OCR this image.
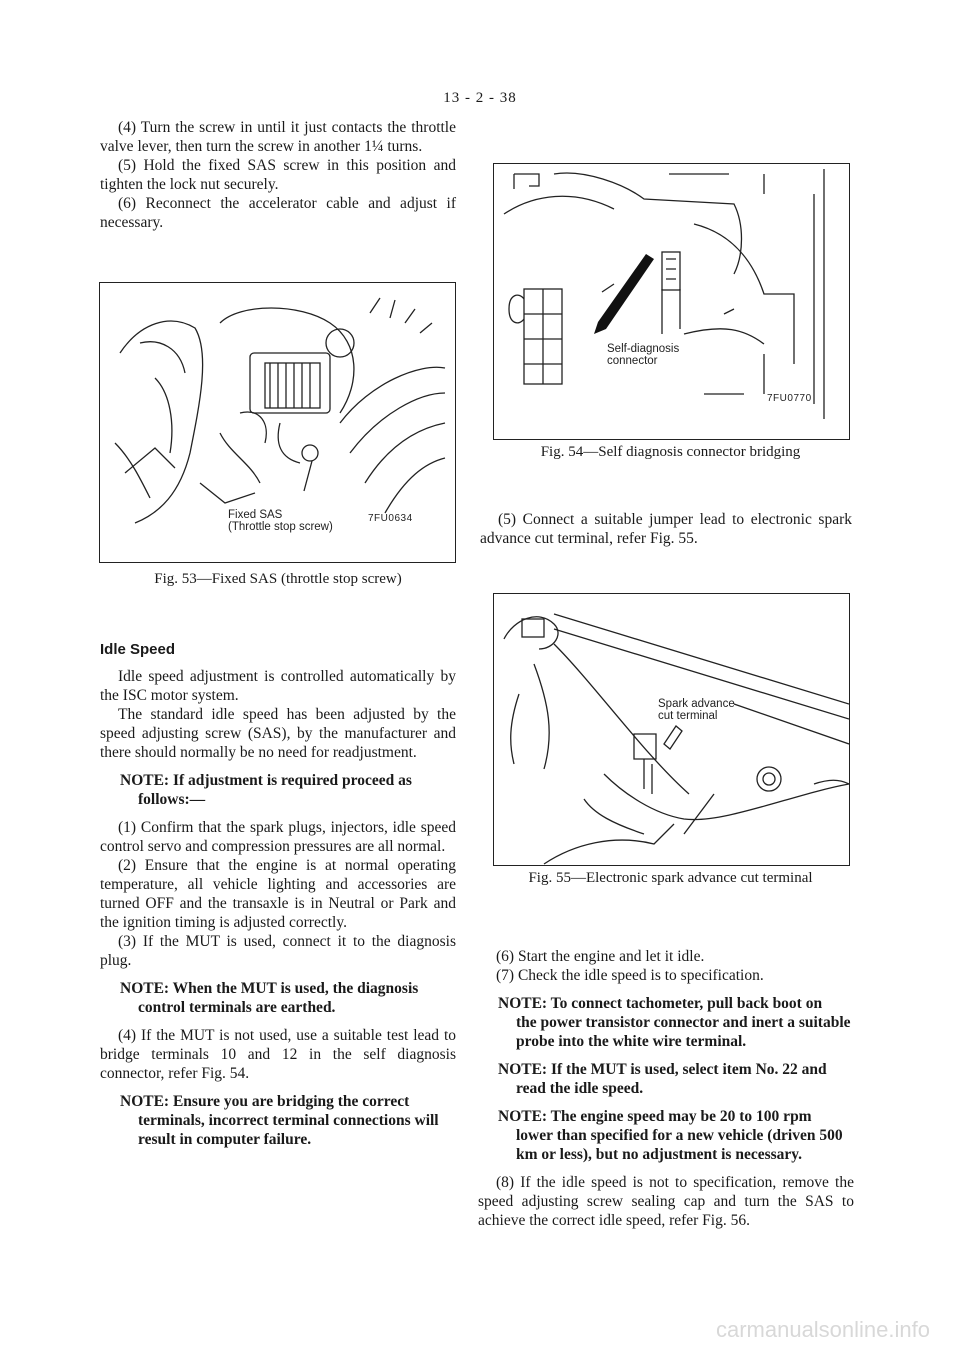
13 - 2 - 38

(4) Turn the screw in until it just contacts the throttle valve lever, then turn the screw in another 1¼ turns.

(5) Hold the fixed SAS screw in this position and tighten the lock nut securely.

(6) Reconnect the accelerator cable and adjust if necessary.

Fixed SAS
(Throttle stop screw)
7FU0634
Fig. 53—Fixed SAS (throttle stop screw)

Idle Speed

Idle speed adjustment is controlled automatically by the ISC motor system.

The standard idle speed has been adjusted by the speed adjusting screw (SAS), by the manufacturer and there should normally be no need for readjustment.

NOTE: If adjustment is required proceed as
follows:—

(1) Confirm that the spark plugs, injectors, idle speed control servo and compression pressures are all normal.

(2) Ensure that the engine is at normal operating temperature, all vehicle lighting and accessories are turned OFF and the transaxle is in Neutral or Park and the ignition timing is adjusted correctly.

(3) If the MUT is used, connect it to the diagnosis plug.

NOTE: When the MUT is used, the diagnosis
control terminals are earthed.

(4) If the MUT is not used, use a suitable test lead to bridge terminals 10 and 12 in the self diagnosis connector, refer Fig. 54.

NOTE: Ensure you are bridging the correct
terminals, incorrect terminal connections will result in computer failure.

Self-diagnosis
connector
7FU0770
Fig. 54—Self diagnosis connector bridging

(5) Connect a suitable jumper lead to electronic spark advance cut terminal, refer Fig. 55.

Spark advance
cut terminal
Fig. 55—Electronic spark advance cut terminal

(6) Start the engine and let it idle.

(7) Check the idle speed is to specification.

NOTE: To connect tachometer, pull back boot on
the power transistor connector and inert a suitable probe into the white wire terminal.

NOTE: If the MUT is used, select item No. 22 and
read the idle speed.

NOTE: The engine speed may be 20 to 100 rpm
lower than specified for a new vehicle (driven 500 km or less), but no adjustment is necessary.

(8) If the idle speed is not to specification, remove the speed adjusting screw sealing cap and turn the SAS to achieve the correct idle speed, refer Fig. 56.

carmanualsonline.info
